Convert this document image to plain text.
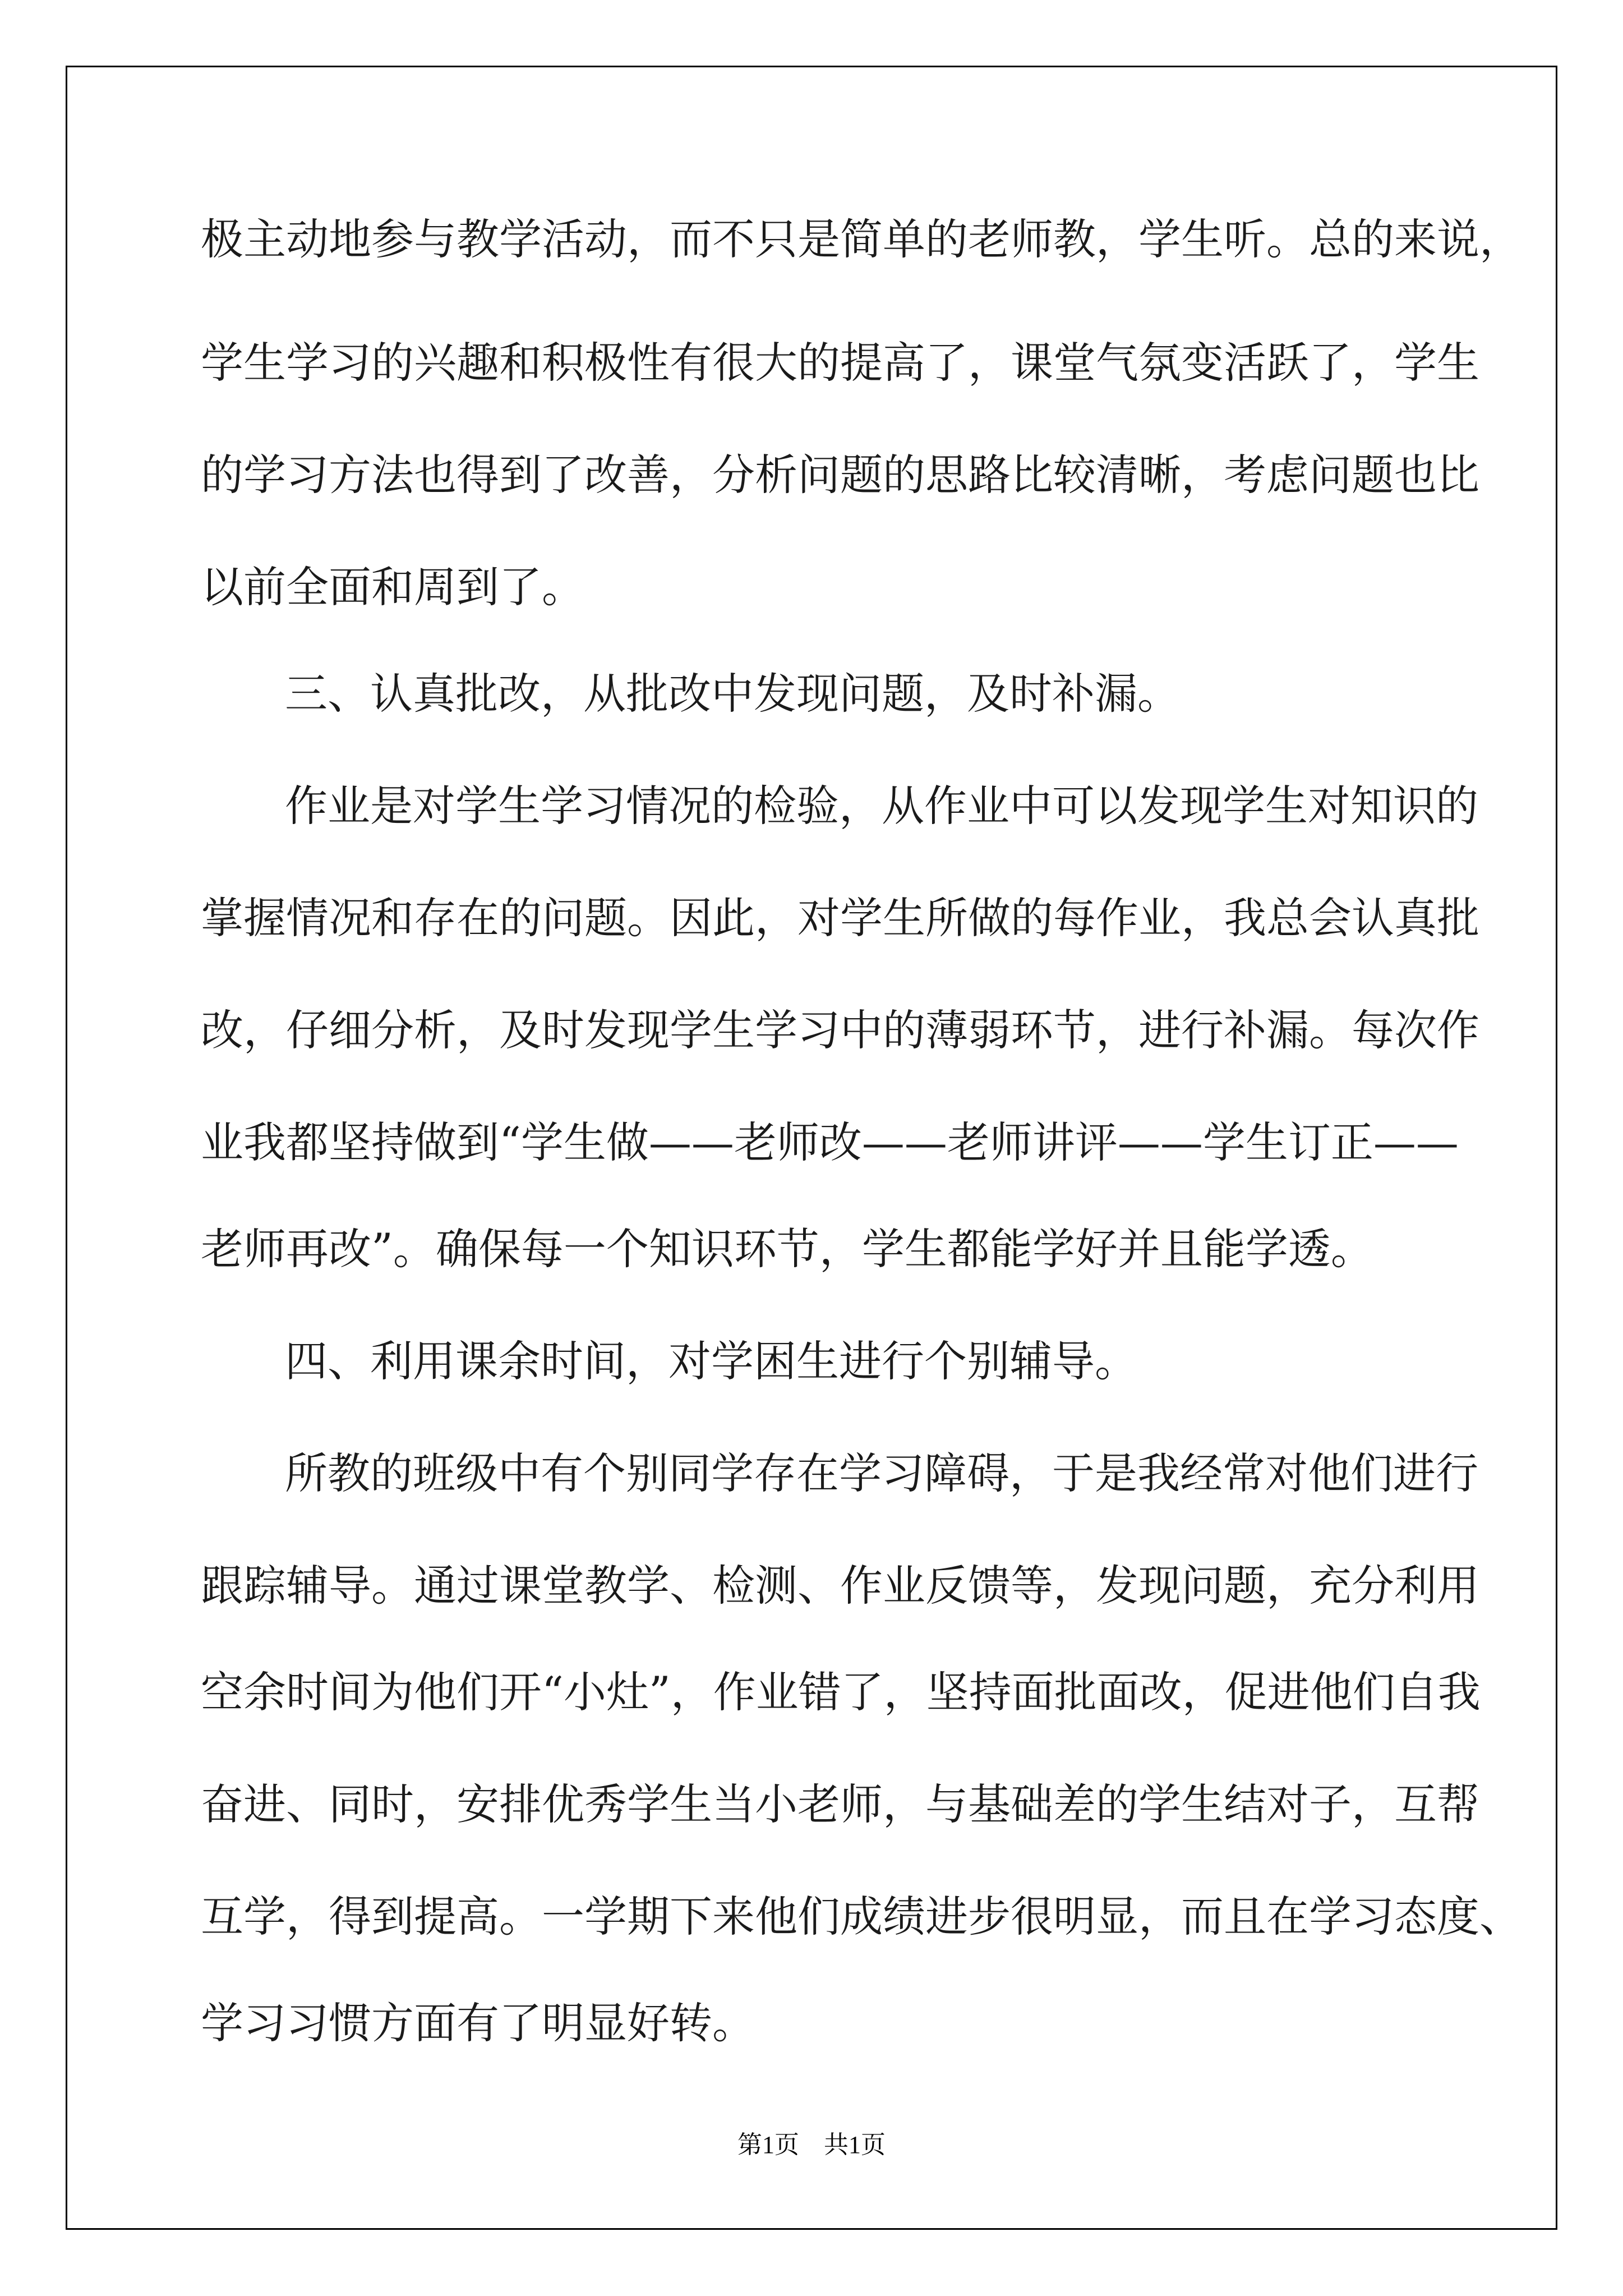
极主动地参与教学活动，而不只是简单的老师教，学生听。总的来说，
学生学习的兴趣和积极性有很大的提高了，课堂气氛变活跃了，学生
的学习方法也得到了改善，分析问题的思路比较清晰，考虑问题也比
以前全面和周到了。
三、认真批改，从批改中发现问题，及时补漏。
作业是对学生学习情况的检验，从作业中可以发现学生对知识的
掌握情况和存在的问题。因此，对学生所做的每作业，我总会认真批
改，仔细分析，及时发现学生学习中的薄弱环节，进行补漏。每次作
业我都坚持做到“学生做——老师改——老师讲评——学生订正——
老师再改”。确保每一个知识环节，学生都能学好并且能学透。
四、利用课余时间，对学困生进行个别辅导。
所教的班级中有个别同学存在学习障碍，于是我经常对他们进行
跟踪辅导。通过课堂教学、检测、作业反馈等，发现问题，充分利用
空余时间为他们开“小灶”，作业错了，坚持面批面改，促进他们自我
奋进、同时，安排优秀学生当小老师，与基础差的学生结对子，互帮
互学，得到提高。一学期下来他们成绩进步很明显，而且在学习态度、
学习习惯方面有了明显好转。
第1页　共1页
